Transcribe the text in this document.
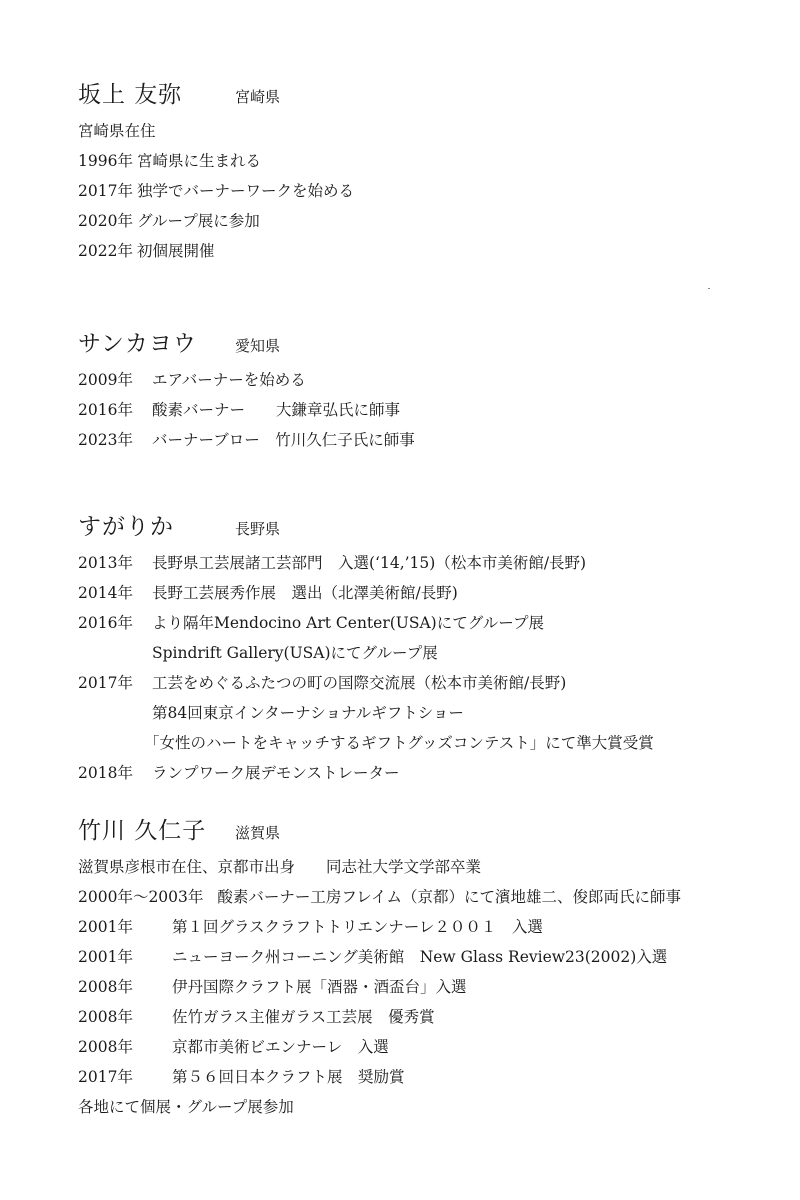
坂上 友弥	宮崎県
宮崎県在住
1996年 宮崎県に生まれる
2017年 独学でバーナーワークを始める
2020年 グループ展に参加
2022年 初個展開催
サンカヨウ	愛知県
2009年	エアバーナーを始める
2016年	酸素バーナー　　大鎌章弘氏に師事
2023年	バーナーブロー　竹川久仁子氏に師事
すがりか	長野県
2013年	長野県工芸展諸工芸部門　入選(‘14,’15)（松本市美術館/長野)
2014年	長野工芸展秀作展　選出（北澤美術館/長野)
2016年	より隔年Mendocino Art Center(USA)にてグループ展
Spindrift Gallery(USA)にてグループ展
2017年	工芸をめぐるふたつの町の国際交流展（松本市美術館/長野)
第84回東京インターナショナルギフトショー
「女性のハートをキャッチするギフトグッズコンテスト」にて準大賞受賞
2018年	ランプワーク展デモンストレーター
竹川 久仁子	滋賀県
滋賀県彦根市在住、京都市出身　　同志社大学文学部卒業
2000年〜2003年 酸素バーナー工房フレイム（京都）にて濱地雄二、俊郎両氏に師事
2001年	第１回グラスクラフトトリエンナーレ２００１　入選
2001年	ニューヨーク州コーニング美術館　New Glass Review23(2002)入選
2008年	伊丹国際クラフト展「酒器・酒盃台」入選
2008年	佐竹ガラス主催ガラス工芸展　優秀賞
2008年	京都市美術ビエンナーレ　入選
2017年	第５６回日本クラフト展　奨励賞
各地にて個展・グループ展参加
